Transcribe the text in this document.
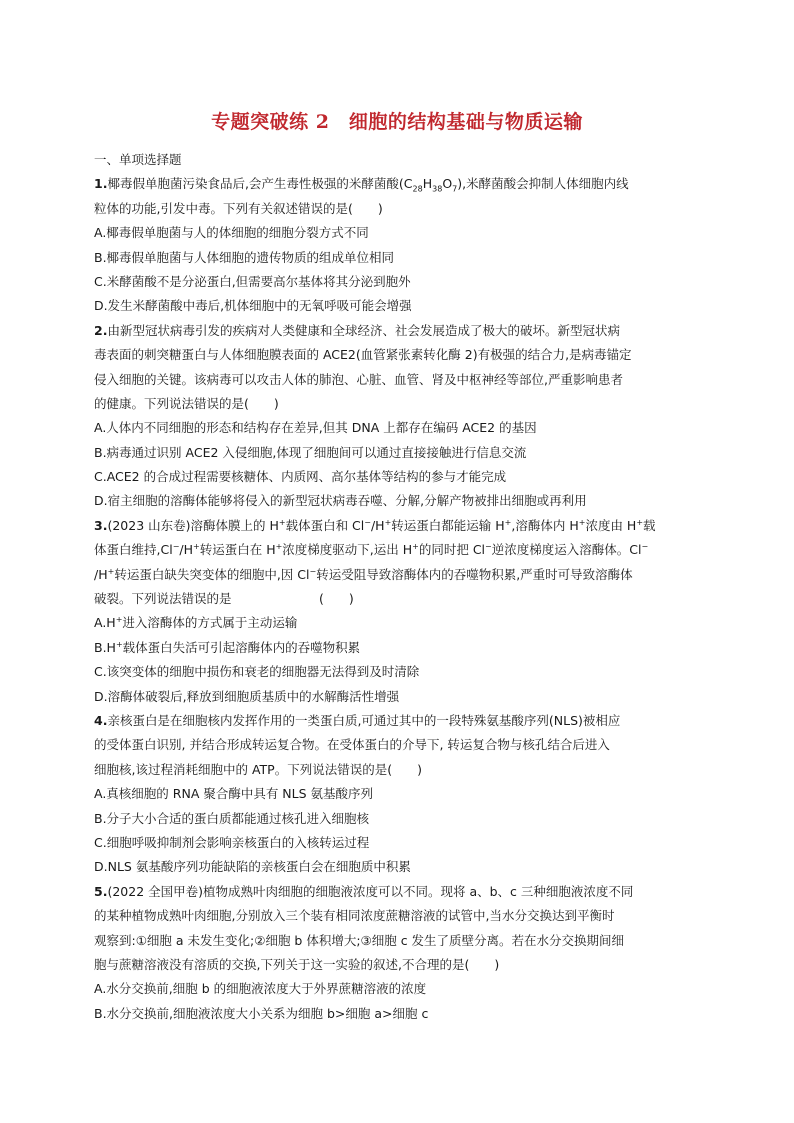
专题突破练 2　细胞的结构基础与物质运输
一、单项选择题
1.椰毒假单胞菌污染食品后,会产生毒性极强的米酵菌酸$(C_{28}H_{38}O_7)$,米酵菌酸会抑制人体细胞内线
粒体的功能,引发中毒。下列有关叙述错误的是(　　)
A.椰毒假单胞菌与人的体细胞的细胞分裂方式不同
B.椰毒假单胞菌与人体细胞的遗传物质的组成单位相同
C.米酵菌酸不是分泌蛋白,但需要高尔基体将其分泌到胞外
D.发生米酵菌酸中毒后,机体细胞中的无氧呼吸可能会增强
2.由新型冠状病毒引发的疾病对人类健康和全球经济、社会发展造成了极大的破坏。新型冠状病
毒表面的刺突糖蛋白与人体细胞膜表面的 ACE2(血管紧张素转化酶 2)有极强的结合力,是病毒锚定
侵入细胞的关键。该病毒可以攻击人体的肺泡、心脏、血管、肾及中枢神经等部位,严重影响患者
的健康。下列说法错误的是(　　)
A.人体内不同细胞的形态和结构存在差异,但其 DNA 上都存在编码 ACE2 的基因
B.病毒通过识别 ACE2 入侵细胞,体现了细胞间可以通过直接接触进行信息交流
C.ACE2 的合成过程需要核糖体、内质网、高尔基体等结构的参与才能完成
D.宿主细胞的溶酶体能够将侵入的新型冠状病毒吞噬、分解,分解产物被排出细胞或再利用
3.(2023 山东卷)溶酶体膜上的 H+载体蛋白和 Cl−/H+转运蛋白都能运输 H+,溶酶体内 H+浓度由 H+载
体蛋白维持,Cl−/H+转运蛋白在 H+浓度梯度驱动下,运出 H+的同时把 Cl−逆浓度梯度运入溶酶体。Cl−
/H+转运蛋白缺失突变体的细胞中,因 Cl−转运受阻导致溶酶体内的吞噬物积累,严重时可导致溶酶体
破裂。下列说法错误的是　　　　　　　(　　)
A.H+进入溶酶体的方式属于主动运输
B.H+载体蛋白失活可引起溶酶体内的吞噬物积累
C.该突变体的细胞中损伤和衰老的细胞器无法得到及时清除
D.溶酶体破裂后,释放到细胞质基质中的水解酶活性增强
4.亲核蛋白是在细胞核内发挥作用的一类蛋白质,可通过其中的一段特殊氨基酸序列(NLS)被相应
的受体蛋白识别, 并结合形成转运复合物。在受体蛋白的介导下, 转运复合物与核孔结合后进入
细胞核,该过程消耗细胞中的 ATP。下列说法错误的是(　　)
A.真核细胞的 RNA 聚合酶中具有 NLS 氨基酸序列
B.分子大小合适的蛋白质都能通过核孔进入细胞核
C.细胞呼吸抑制剂会影响亲核蛋白的入核转运过程
D.NLS 氨基酸序列功能缺陷的亲核蛋白会在细胞质中积累
5.(2022 全国甲卷)植物成熟叶肉细胞的细胞液浓度可以不同。现将 a、b、c 三种细胞液浓度不同
的某种植物成熟叶肉细胞,分别放入三个装有相同浓度蔗糖溶液的试管中,当水分交换达到平衡时
观察到:①细胞 a 未发生变化;②细胞 b 体积增大;③细胞 c 发生了质壁分离。若在水分交换期间细
胞与蔗糖溶液没有溶质的交换,下列关于这一实验的叙述,不合理的是(　　)
A.水分交换前,细胞 b 的细胞液浓度大于外界蔗糖溶液的浓度
B.水分交换前,细胞液浓度大小关系为细胞 b>细胞 a>细胞 c
